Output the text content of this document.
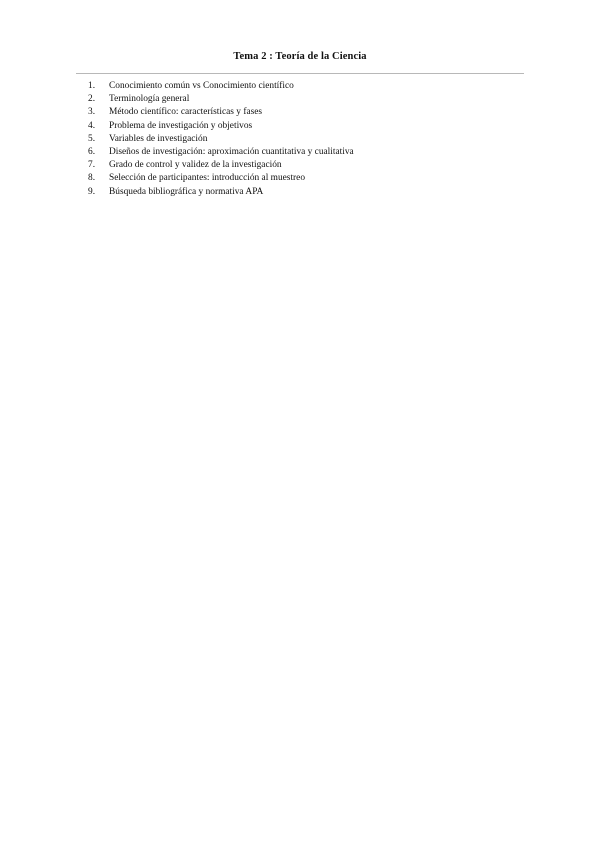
Tema 2 : Teoría de la Ciencia
1.	Conocimiento común vs Conocimiento científico
2.	Terminología general
3.	Método científico: características y fases
4.	Problema de investigación y objetivos
5.	Variables de investigación
6.	Diseños de investigación: aproximación cuantitativa y cualitativa
7.	Grado de control y validez de la investigación
8.	Selección de participantes: introducción al muestreo
9.	Búsqueda bibliográfica y normativa APA
